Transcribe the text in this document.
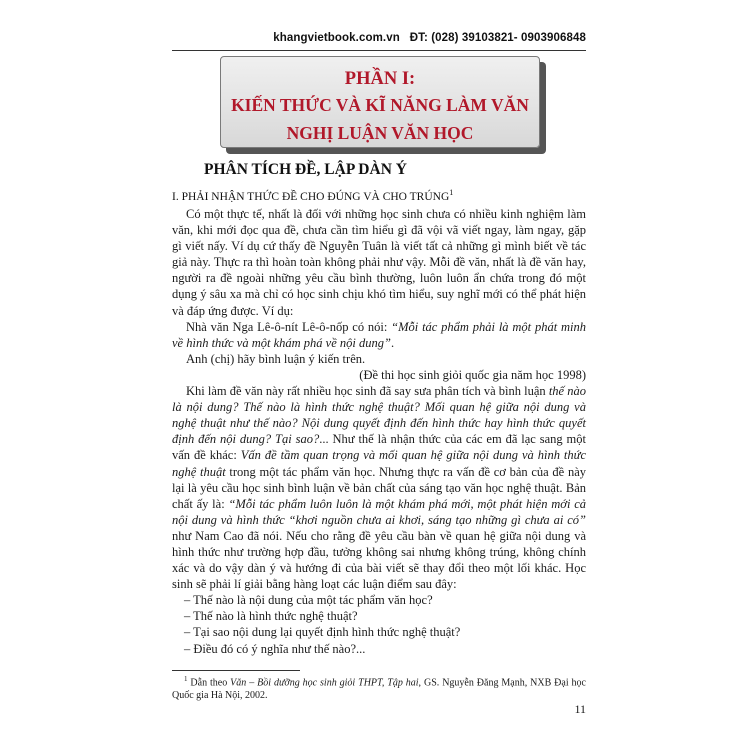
khangvietbook.com.vn ĐT: (028) 39103821- 0903906848
PHẦN I:
KIẾN THỨC VÀ KĨ NĂNG LÀM VĂN
NGHỊ LUẬN VĂN HỌC
PHÂN TÍCH ĐỀ, LẬP DÀN Ý
I. PHẢI NHẬN THỨC ĐỀ CHO ĐÚNG VÀ CHO TRÚNG$^1$

Có một thực tế, nhất là đối với những học sinh chưa có nhiều kinh nghiệm làm văn, khi mới đọc qua đề, chưa cần tìm hiểu gì đã vội vã viết ngay, làm ngay, gặp gì viết nấy. Ví dụ cứ thấy đề Nguyễn Tuân là viết tất cả những gì mình biết về tác giả này. Thực ra thì hoàn toàn không phải như vậy. Mỗi đề văn, nhất là đề văn hay, người ra đề ngoài những yêu cầu bình thường, luôn luôn ẩn chứa trong đó một dụng ý sâu xa mà chỉ có học sinh chịu khó tìm hiểu, suy nghĩ mới có thể phát hiện và đáp ứng được. Ví dụ:

Nhà văn Nga Lê-ô-nít Lê-ô-nốp có nói: “Mỗi tác phẩm phải là một phát minh về hình thức và một khám phá về nội dung”.

Anh (chị) hãy bình luận ý kiến trên.

(Đề thi học sinh giỏi quốc gia năm học 1998)

Khi làm đề văn này rất nhiều học sinh đã say sưa phân tích và bình luận thế nào là nội dung? Thế nào là hình thức nghệ thuật? Mối quan hệ giữa nội dung và nghệ thuật như thế nào? Nội dung quyết định đến hình thức hay hình thức quyết định đến nội dung? Tại sao?... Như thế là nhận thức của các em đã lạc sang một vấn đề khác: Vấn đề tầm quan trọng và mối quan hệ giữa nội dung và hình thức nghệ thuật trong một tác phẩm văn học. Nhưng thực ra vấn đề cơ bản của đề này lại là yêu cầu học sinh bình luận về bản chất của sáng tạo văn học nghệ thuật. Bản chất ấy là: “Mỗi tác phẩm luôn luôn là một khám phá mới, một phát hiện mới cả nội dung và hình thức “khơi nguồn chưa ai khơi, sáng tạo những gì chưa ai có” như Nam Cao đã nói. Nếu cho rằng đề yêu cầu bàn về quan hệ giữa nội dung và hình thức như trường hợp đầu, tưởng không sai nhưng không trúng, không chính xác và do vậy dàn ý và hướng đi của bài viết sẽ thay đổi theo một lối khác. Học sinh sẽ phải lí giải bằng hàng loạt các luận điểm sau đây:

– Thế nào là nội dung của một tác phẩm văn học?
– Thế nào là hình thức nghệ thuật?
– Tại sao nội dung lại quyết định hình thức nghệ thuật?
– Điều đó có ý nghĩa như thế nào?...
$^1$ Dẫn theo Văn – Bồi dưỡng học sinh giỏi THPT, Tập hai, GS. Nguyễn Đăng Mạnh, NXB Đại học Quốc gia Hà Nội, 2002.
11
